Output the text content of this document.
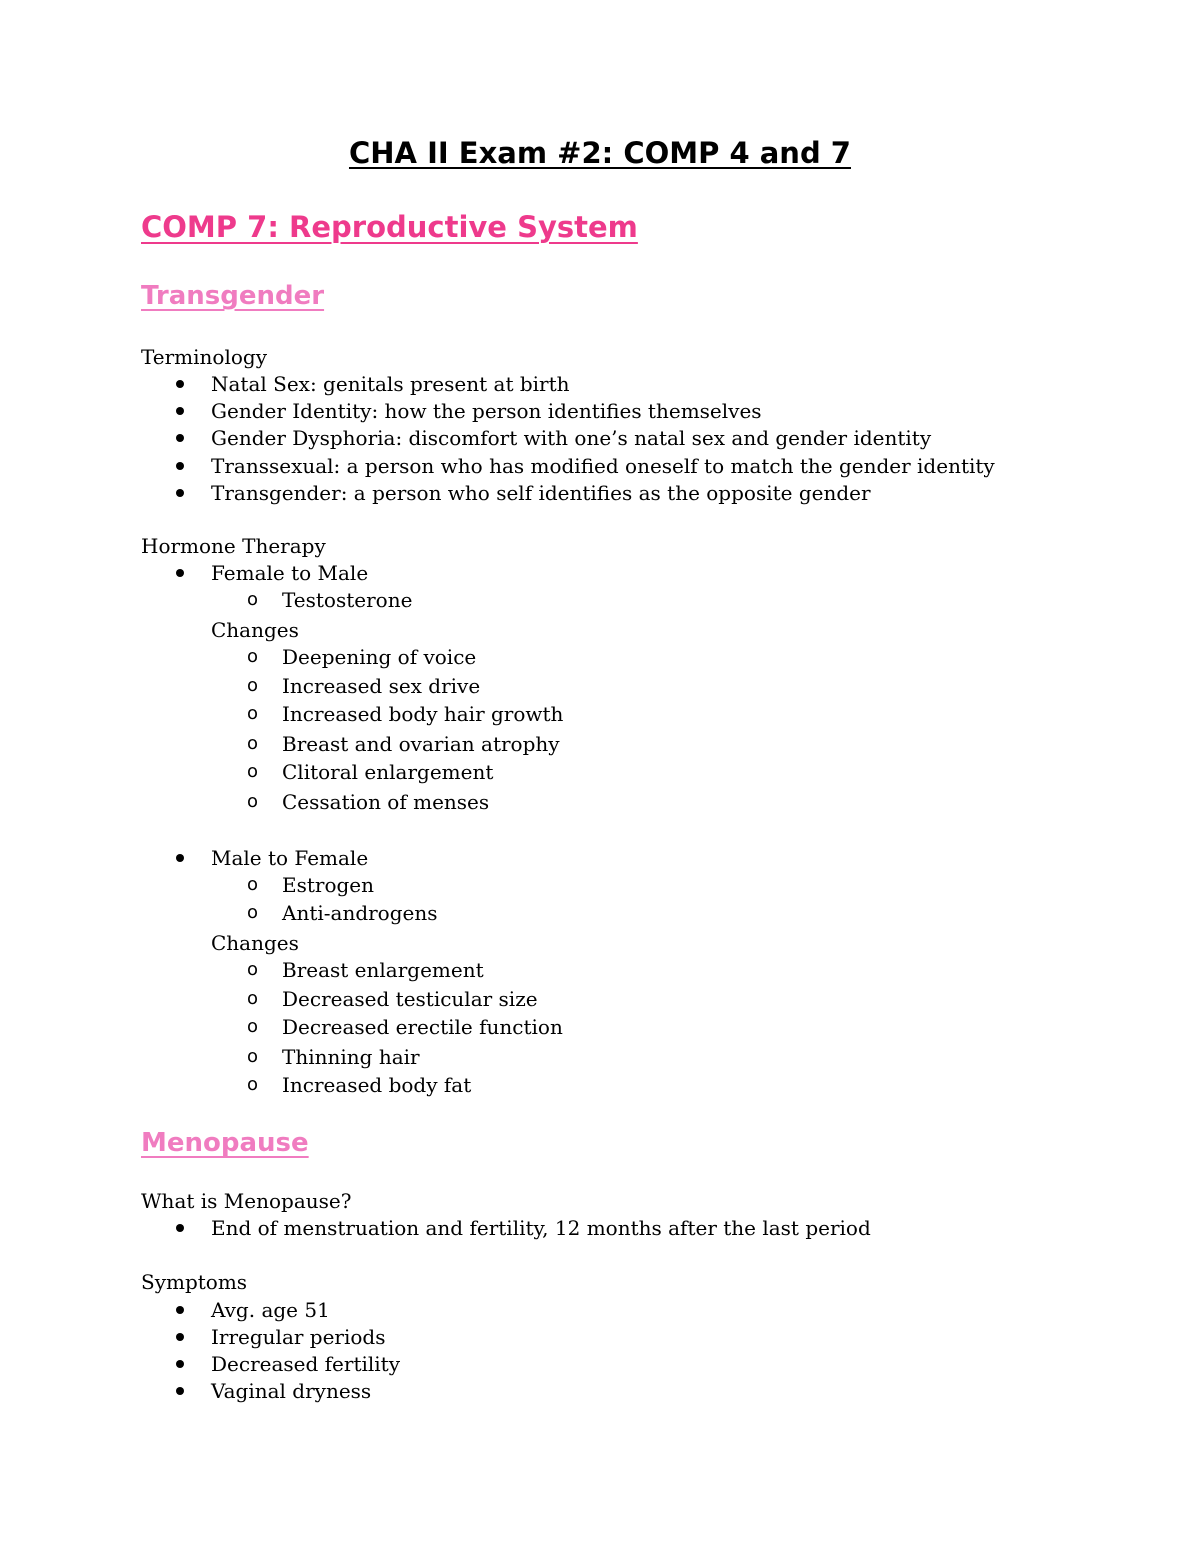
CHA II Exam #2: COMP 4 and 7
COMP 7: Reproductive System
Transgender
Terminology
Natal Sex: genitals present at birth
Gender Identity: how the person identifies themselves
Gender Dysphoria: discomfort with one’s natal sex and gender identity
Transsexual: a person who has modified oneself to match the gender identity
Transgender: a person who self identifies as the opposite gender
Hormone Therapy
Female to Male
o Testosterone
Changes
o Deepening of voice
o Increased sex drive
o Increased body hair growth
o Breast and ovarian atrophy
o Clitoral enlargement
o Cessation of menses
Male to Female
o Estrogen
o Anti-androgens
Changes
o Breast enlargement
o Decreased testicular size
o Decreased erectile function
o Thinning hair
o Increased body fat
Menopause
What is Menopause?
End of menstruation and fertility, 12 months after the last period
Symptoms
Avg. age 51
Irregular periods
Decreased fertility
Vaginal dryness
